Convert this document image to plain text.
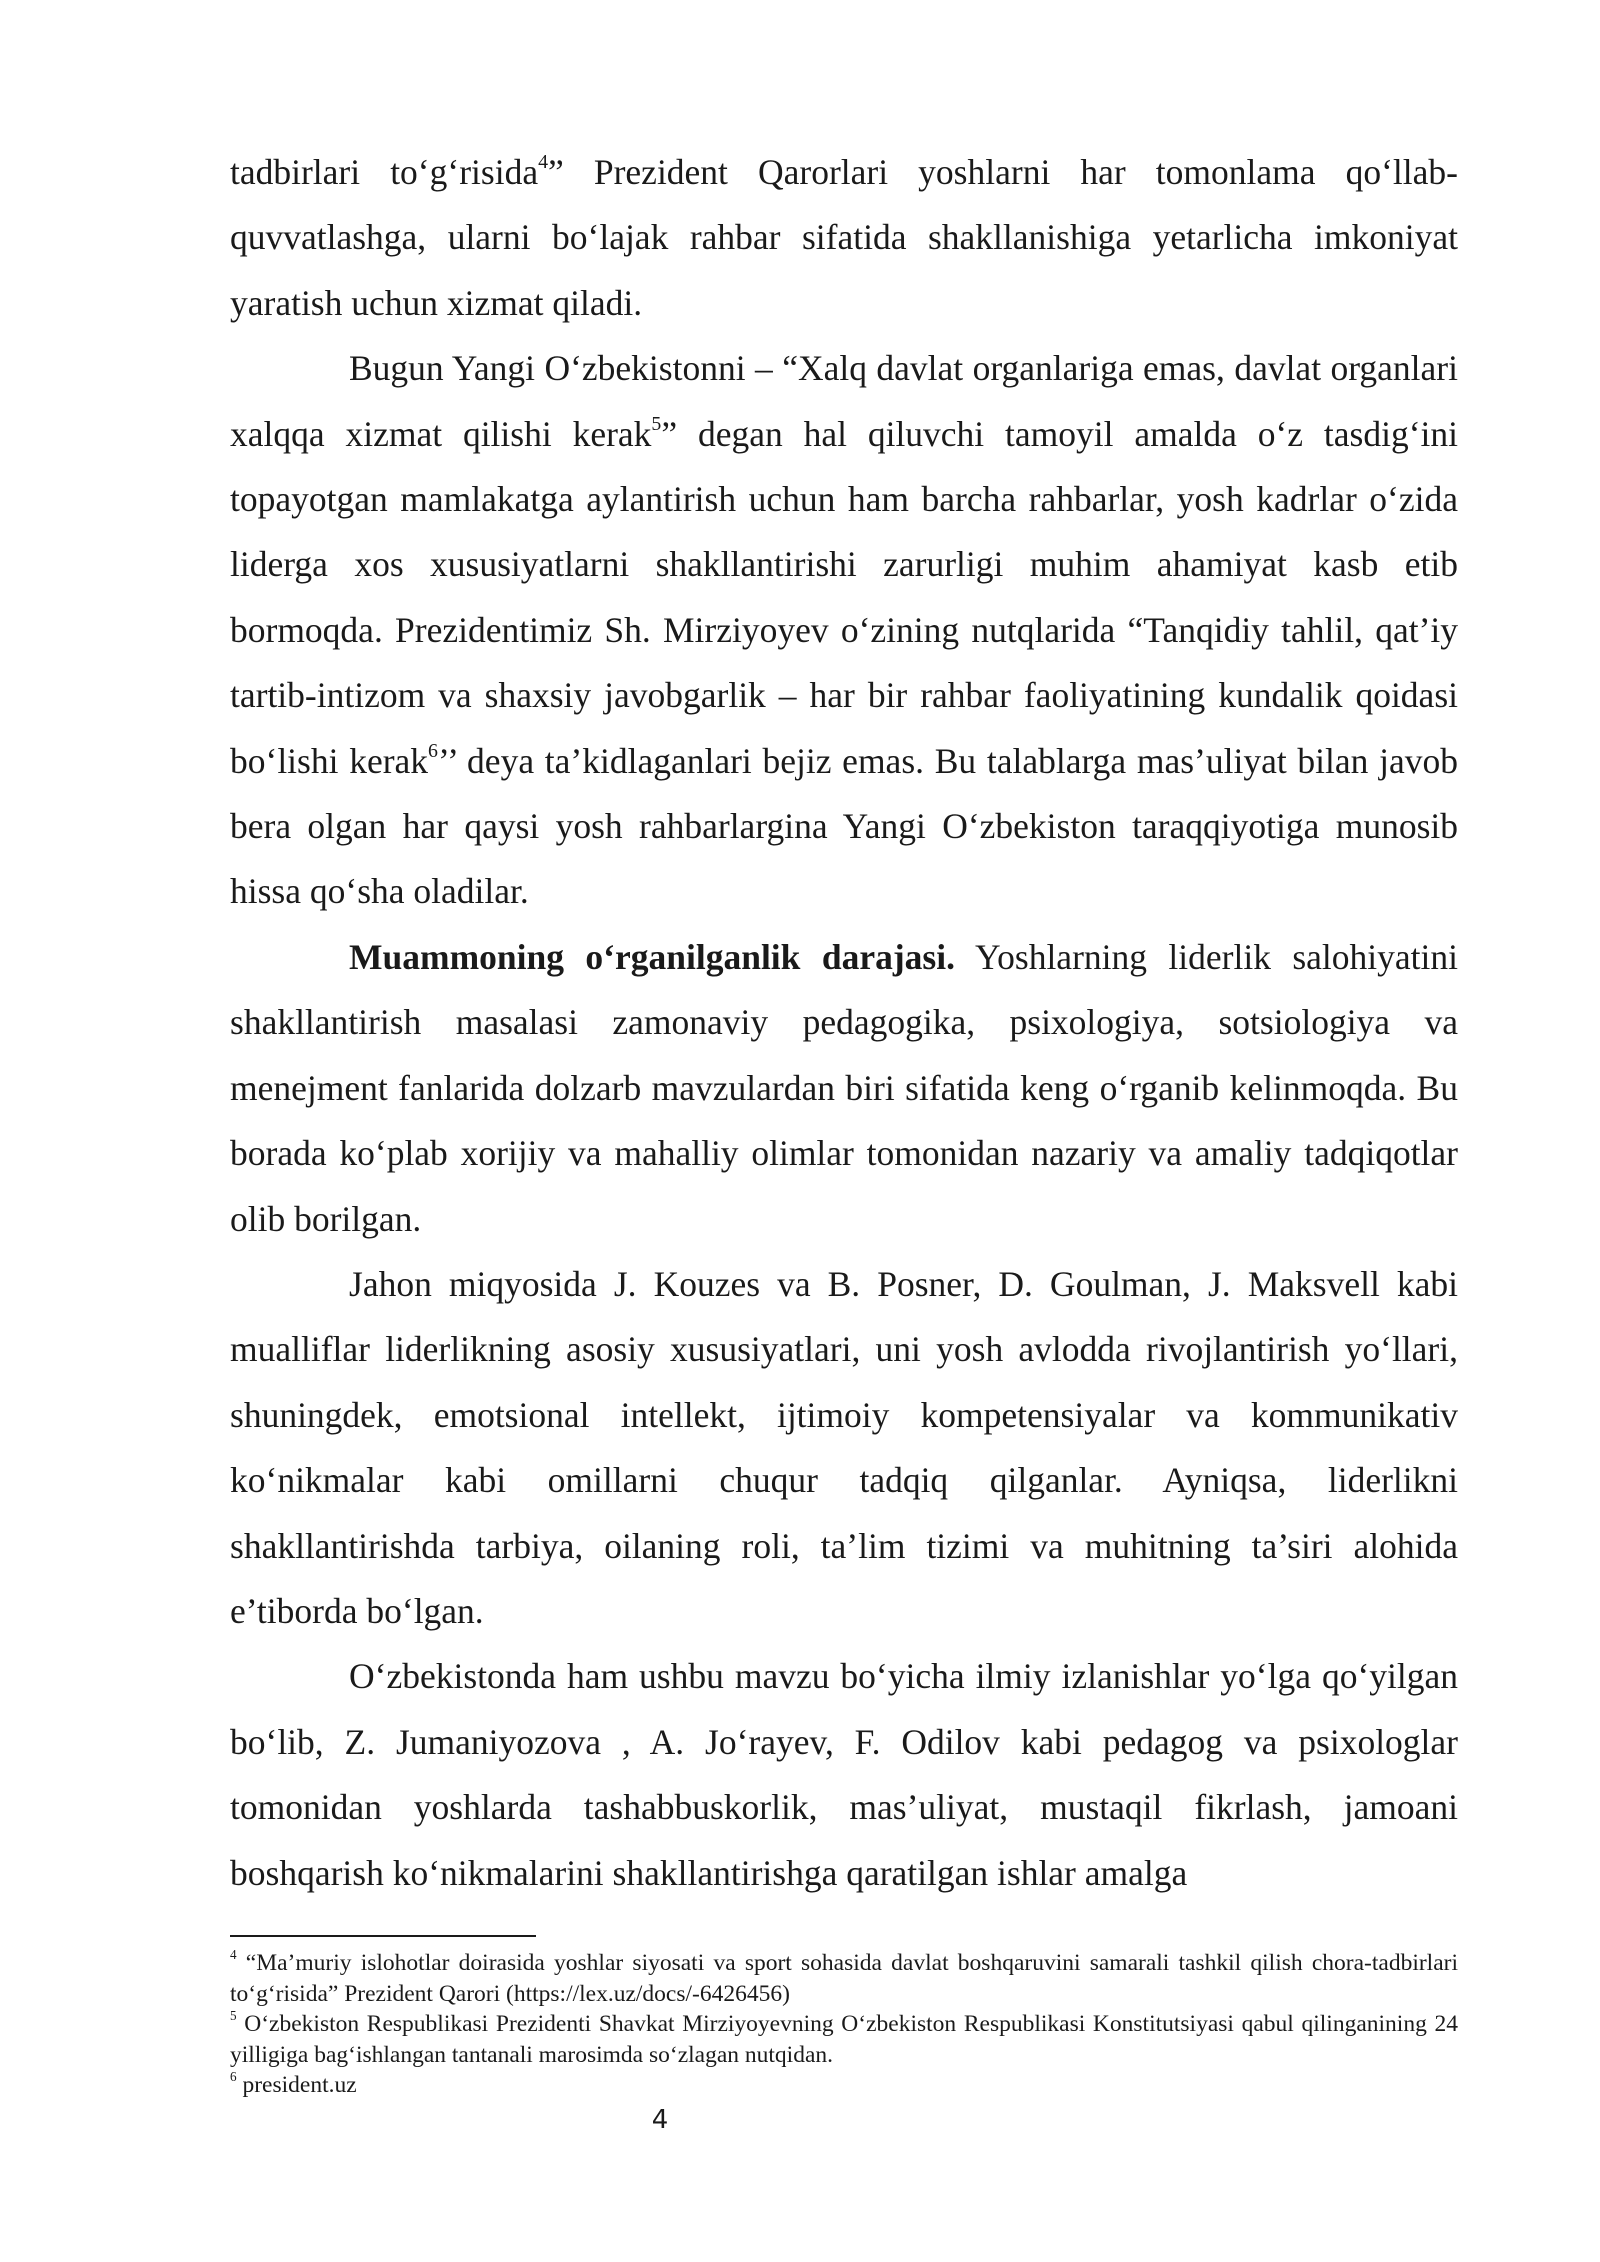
tadbirlari to‘g‘risida$^4$” Prezident Qarorlari yoshlarni har tomonlama qo‘llab-quvvatlashga, ularni bo‘lajak rahbar sifatida shakllanishiga yetarlicha imkoniyat yaratish uchun xizmat qiladi.

Bugun Yangi O‘zbekistonni – “Xalq davlat organlariga emas, davlat organlari xalqqa xizmat qilishi kerak$^5$” degan hal qiluvchi tamoyil amalda o‘z tasdig‘ini topayotgan mamlakatga aylantirish uchun ham barcha rahbarlar, yosh kadrlar o‘zida liderga xos xususiyatlarni shakllantirishi zarurligi muhim ahamiyat kasb etib bormoqda. Prezidentimiz Sh. Mirziyoyev o‘zining nutqlarida “Tanqidiy tahlil, qat’iy tartib-intizom va shaxsiy javobgarlik – har bir rahbar faoliyatining kundalik qoidasi bo‘lishi kerak$^6$’’ deya ta’kidlaganlari bejiz emas. Bu talablarga mas’uliyat bilan javob bera olgan har qaysi yosh rahbarlargina Yangi O‘zbekiston taraqqiyotiga munosib hissa qo‘sha oladilar.

Muammoning o‘rganilganlik darajasi. Yoshlarning liderlik salohiyatini shakllantirish masalasi zamonaviy pedagogika, psixologiya, sotsiologiya va menejment fanlarida dolzarb mavzulardan biri sifatida keng o‘rganib kelinmoqda. Bu borada ko‘plab xorijiy va mahalliy olimlar tomonidan nazariy va amaliy tadqiqotlar olib borilgan.

Jahon miqyosida J. Kouzes va B. Posner, D. Goulman, J. Maksvell kabi mualliflar liderlikning asosiy xususiyatlari, uni yosh avlodda rivojlantirish yo‘llari, shuningdek, emotsional intellekt, ijtimoiy kompetensiyalar va kommunikativ ko‘nikmalar kabi omillarni chuqur tadqiq qilganlar. Ayniqsa, liderlikni shakllantirishda tarbiya, oilaning roli, ta’lim tizimi va muhitning ta’siri alohida e’tiborda bo‘lgan.

O‘zbekistonda ham ushbu mavzu bo‘yicha ilmiy izlanishlar yo‘lga qo‘yilgan bo‘lib, Z. Jumaniyozova , A. Jo‘rayev, F. Odilov kabi pedagog va psixologlar tomonidan yoshlarda tashabbuskorlik, mas’uliyat, mustaqil fikrlash, jamoani boshqarish ko‘nikmalarini shakllantirishga qaratilgan ishlar amalga

$^4$ “Ma’muriy islohotlar doirasida yoshlar siyosati va sport sohasida davlat boshqaruvini samarali tashkil qilish chora-tadbirlari to‘g‘risida” Prezident Qarori (https://lex.uz/docs/-6426456)

$^5$ O‘zbekiston Respublikasi Prezidenti Shavkat Mirziyoyevning O‘zbekiston Respublikasi Konstitutsiyasi qabul qilinganining 24 yilligiga bag‘ishlangan tantanali marosimda so‘zlagan nutqidan.

$^6$ president.uz

4
